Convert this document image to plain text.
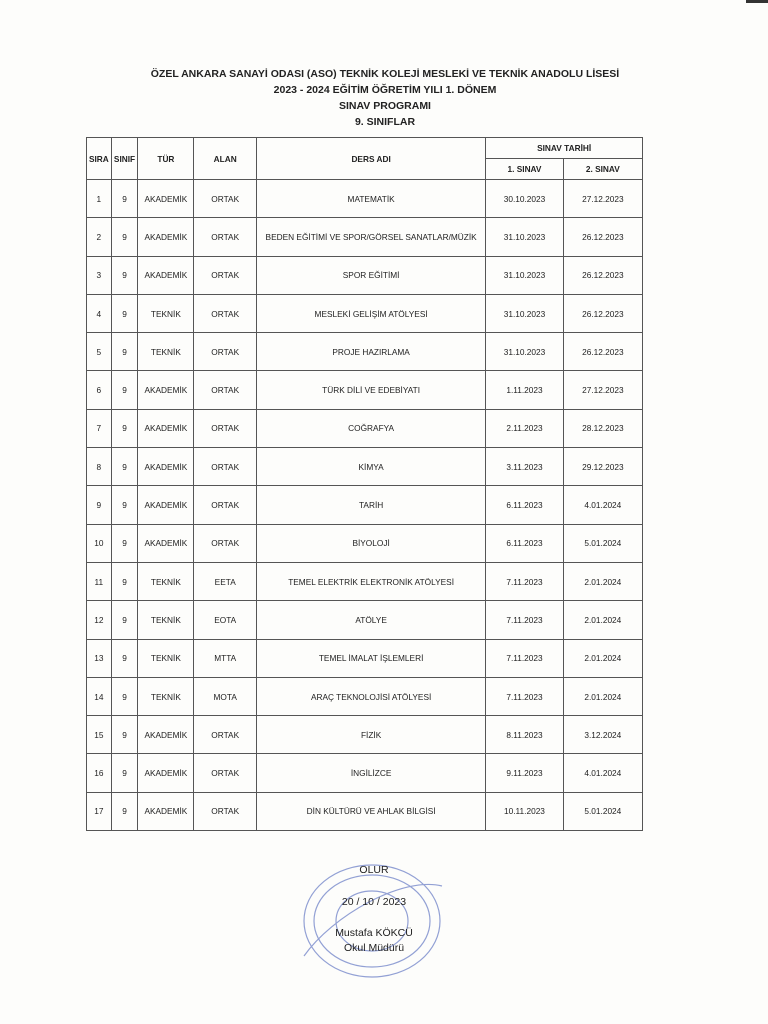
ÖZEL ANKARA SANAYİ ODASI (ASO) TEKNİK KOLEJİ MESLEKİ VE TEKNİK ANADOLU LİSESİ
2023 - 2024 EĞİTİM ÖĞRETİM YILI 1. DÖNEM
SINAV PROGRAMI
9. SINIFLAR
SIRA	SINIF	TÜR	ALAN	DERS ADI	SINAV TARİHİ	
					1. SINAV	2. SINAV
1	9	AKADEMİK	ORTAK	MATEMATİK	30.10.2023	27.12.2023
2	9	AKADEMİK	ORTAK	BEDEN EĞİTİMİ VE SPOR/GÖRSEL SANATLAR/MÜZİK	31.10.2023	26.12.2023
3	9	AKADEMİK	ORTAK	SPOR EĞİTİMİ	31.10.2023	26.12.2023
4	9	TEKNİK	ORTAK	MESLEKİ GELİŞİM ATÖLYESİ	31.10.2023	26.12.2023
5	9	TEKNİK	ORTAK	PROJE HAZIRLAMA	31.10.2023	26.12.2023
6	9	AKADEMİK	ORTAK	TÜRK DİLİ VE EDEBİYATI	1.11.2023	27.12.2023
7	9	AKADEMİK	ORTAK	COĞRAFYA	2.11.2023	28.12.2023
8	9	AKADEMİK	ORTAK	KİMYA	3.11.2023	29.12.2023
9	9	AKADEMİK	ORTAK	TARİH	6.11.2023	4.01.2024
10	9	AKADEMİK	ORTAK	BİYOLOJİ	6.11.2023	5.01.2024
11	9	TEKNİK	EETA	TEMEL ELEKTRİK ELEKTRONİK ATÖLYESİ	7.11.2023	2.01.2024
12	9	TEKNİK	EOTA	ATÖLYE	7.11.2023	2.01.2024
13	9	TEKNİK	MTTA	TEMEL İMALAT İŞLEMLERİ	7.11.2023	2.01.2024
14	9	TEKNİK	MOTA	ARAÇ TEKNOLOJİSİ ATÖLYESİ	7.11.2023	2.01.2024
15	9	AKADEMİK	ORTAK	FİZİK	8.11.2023	3.12.2024
16	9	AKADEMİK	ORTAK	İNGİLİZCE	9.11.2023	4.01.2024
17	9	AKADEMİK	ORTAK	DİN KÜLTÜRÜ VE AHLAK BİLGİSİ	10.11.2023	5.01.2024
OLUR
20 / 10 / 2023
Mustafa KÖKCÜ
Okul Müdürü
